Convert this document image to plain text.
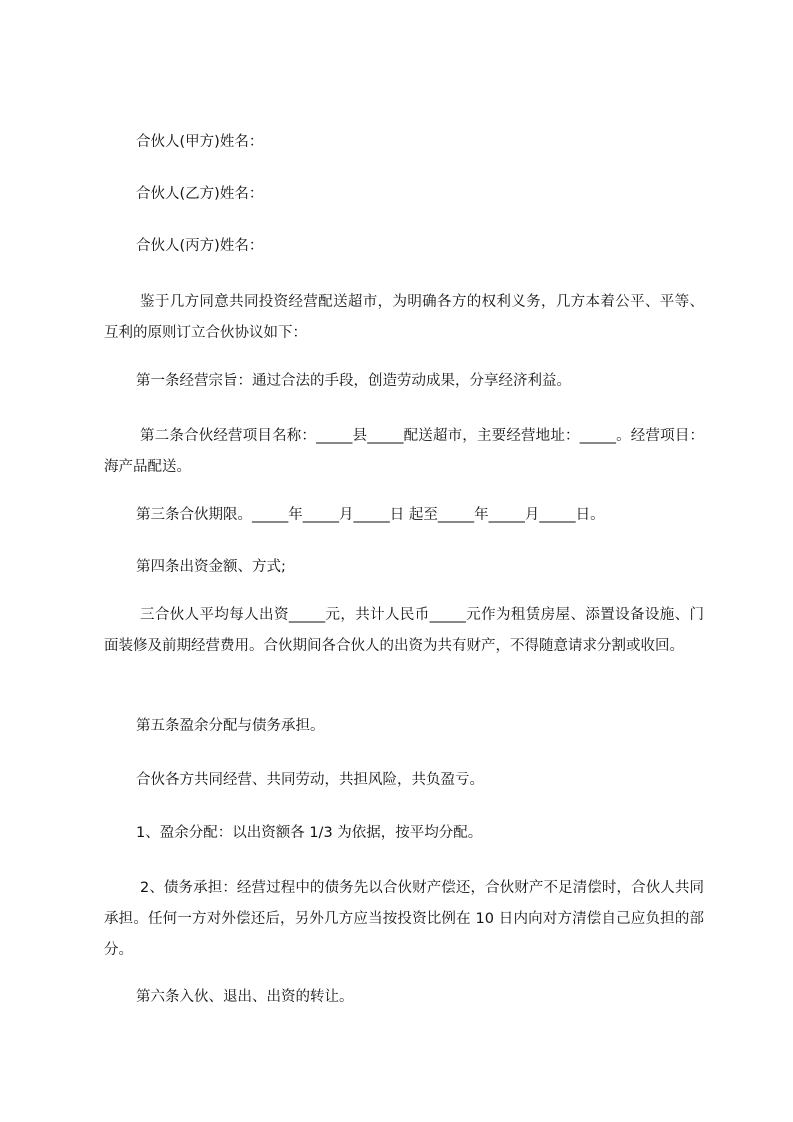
合伙人(甲方)姓名：
合伙人(乙方)姓名：
合伙人(丙方)姓名：
鉴于几方同意共同投资经营配送超市，为明确各方的权利义务，几方本着公平、平等、互利的原则订立合伙协议如下：
第一条经营宗旨：通过合法的手段，创造劳动成果，分享经济利益。
第二条合伙经营项目名称：_____县_____配送超市，主要经营地址：_____。经营项目：海产品配送。
第三条合伙期限。_____年_____月_____日 起至_____年_____月_____日。
第四条出资金额、方式;
三合伙人平均每人出资_____元，共计人民币_____元作为租赁房屋、添置设备设施、门面装修及前期经营费用。合伙期间各合伙人的出资为共有财产，不得随意请求分割或收回。
第五条盈余分配与债务承担。
合伙各方共同经营、共同劳动，共担风险，共负盈亏。
1、盈余分配：以出资额各 1/3 为依据，按平均分配。
2、债务承担：经营过程中的债务先以合伙财产偿还，合伙财产不足清偿时，合伙人共同承担。任何一方对外偿还后，另外几方应当按投资比例在 10 日内向对方清偿自己应负担的部分。
第六条入伙、退出、出资的转让。
